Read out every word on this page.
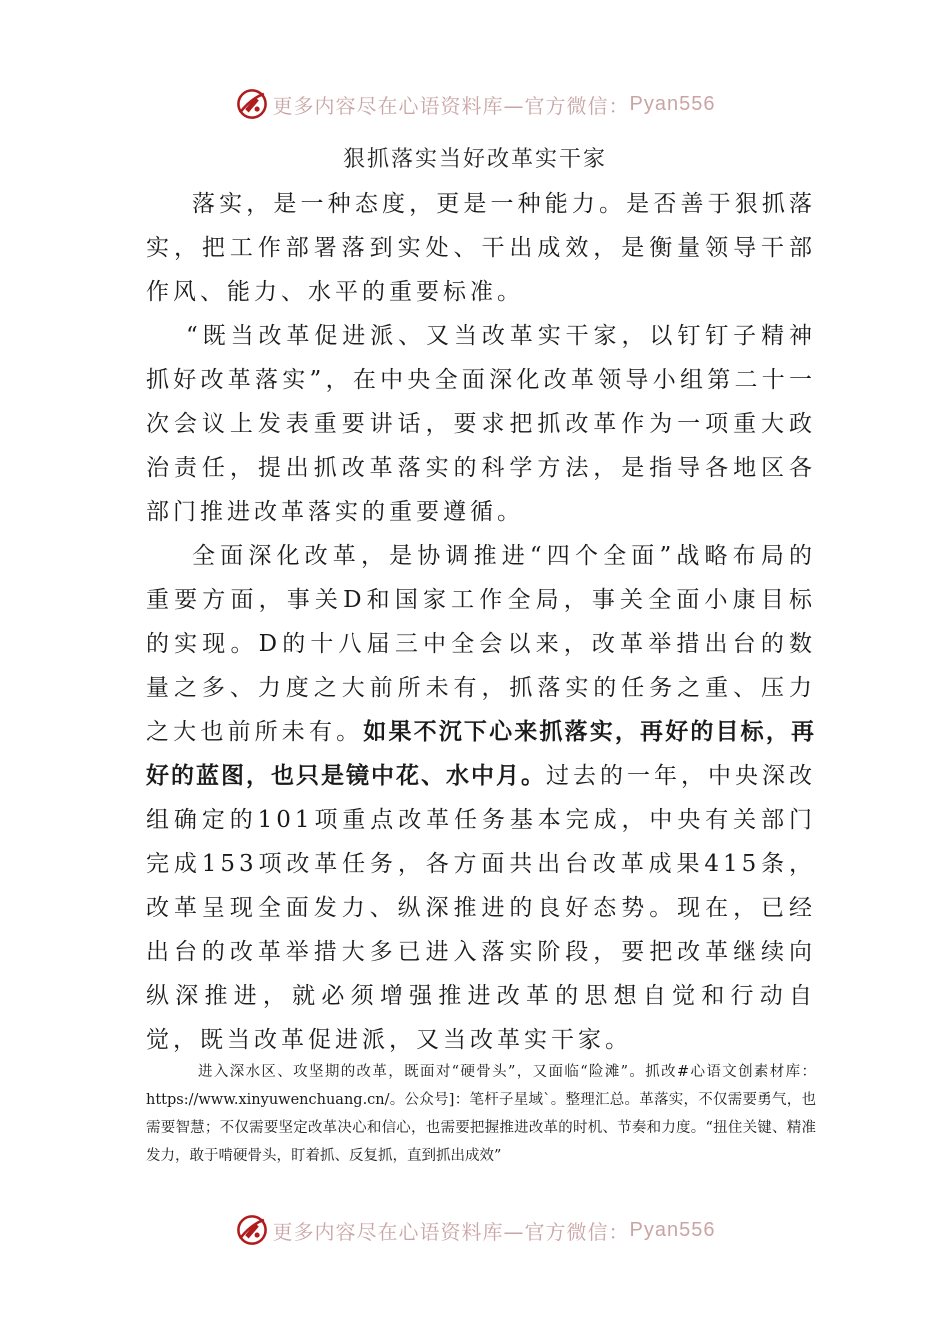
更多内容尽在心语资料库—官方微信： Pyan556
狠抓落实当好改革实干家

落实，是一种态度，更是一种能力。是否善于狠抓落实，把工作部署落到实处、干出成效，是衡量领导干部作风、能力、水平的重要标准。

“既当改革促进派、又当改革实干家，以钉钉子精神抓好改革落实”，在中央全面深化改革领导小组第二十一次会议上发表重要讲话，要求把抓改革作为一项重大政治责任，提出抓改革落实的科学方法，是指导各地区各部门推进改革落实的重要遵循。

全面深化改革，是协调推进“四个全面”战略布局的重要方面，事关D和国家工作全局，事关全面小康目标的实现。D的十八届三中全会以来，改革举措出台的数量之多、力度之大前所未有，抓落实的任务之重、压力之大也前所未有。如果不沉下心来抓落实，再好的目标，再好的蓝图，也只是镜中花、水中月。过去的一年，中央深改组确定的101项重点改革任务基本完成，中央有关部门完成153项改革任务，各方面共出台改革成果415条，改革呈现全面发力、纵深推进的良好态势。现在，已经出台的改革举措大多已进入落实阶段，要把改革继续向纵深推进，就必须增强推进改革的思想自觉和行动自觉，既当改革促进派，又当改革实干家。

进入深水区、攻坚期的改革，既面对“硬骨头”，又面临“险滩”。抓改#心语文创素材库：https://www.xinyuwenchuang.cn/。公众号]：笔杆子星域`。整理汇总。革落实，不仅需要勇气，也需要智慧；不仅需要坚定改革决心和信心，也需要把握推进改革的时机、节奏和力度。“扭住关键、精准发力，敢于啃硬骨头，盯着抓、反复抓，直到抓出成效”

更多内容尽在心语资料库—官方微信： Pyan556
